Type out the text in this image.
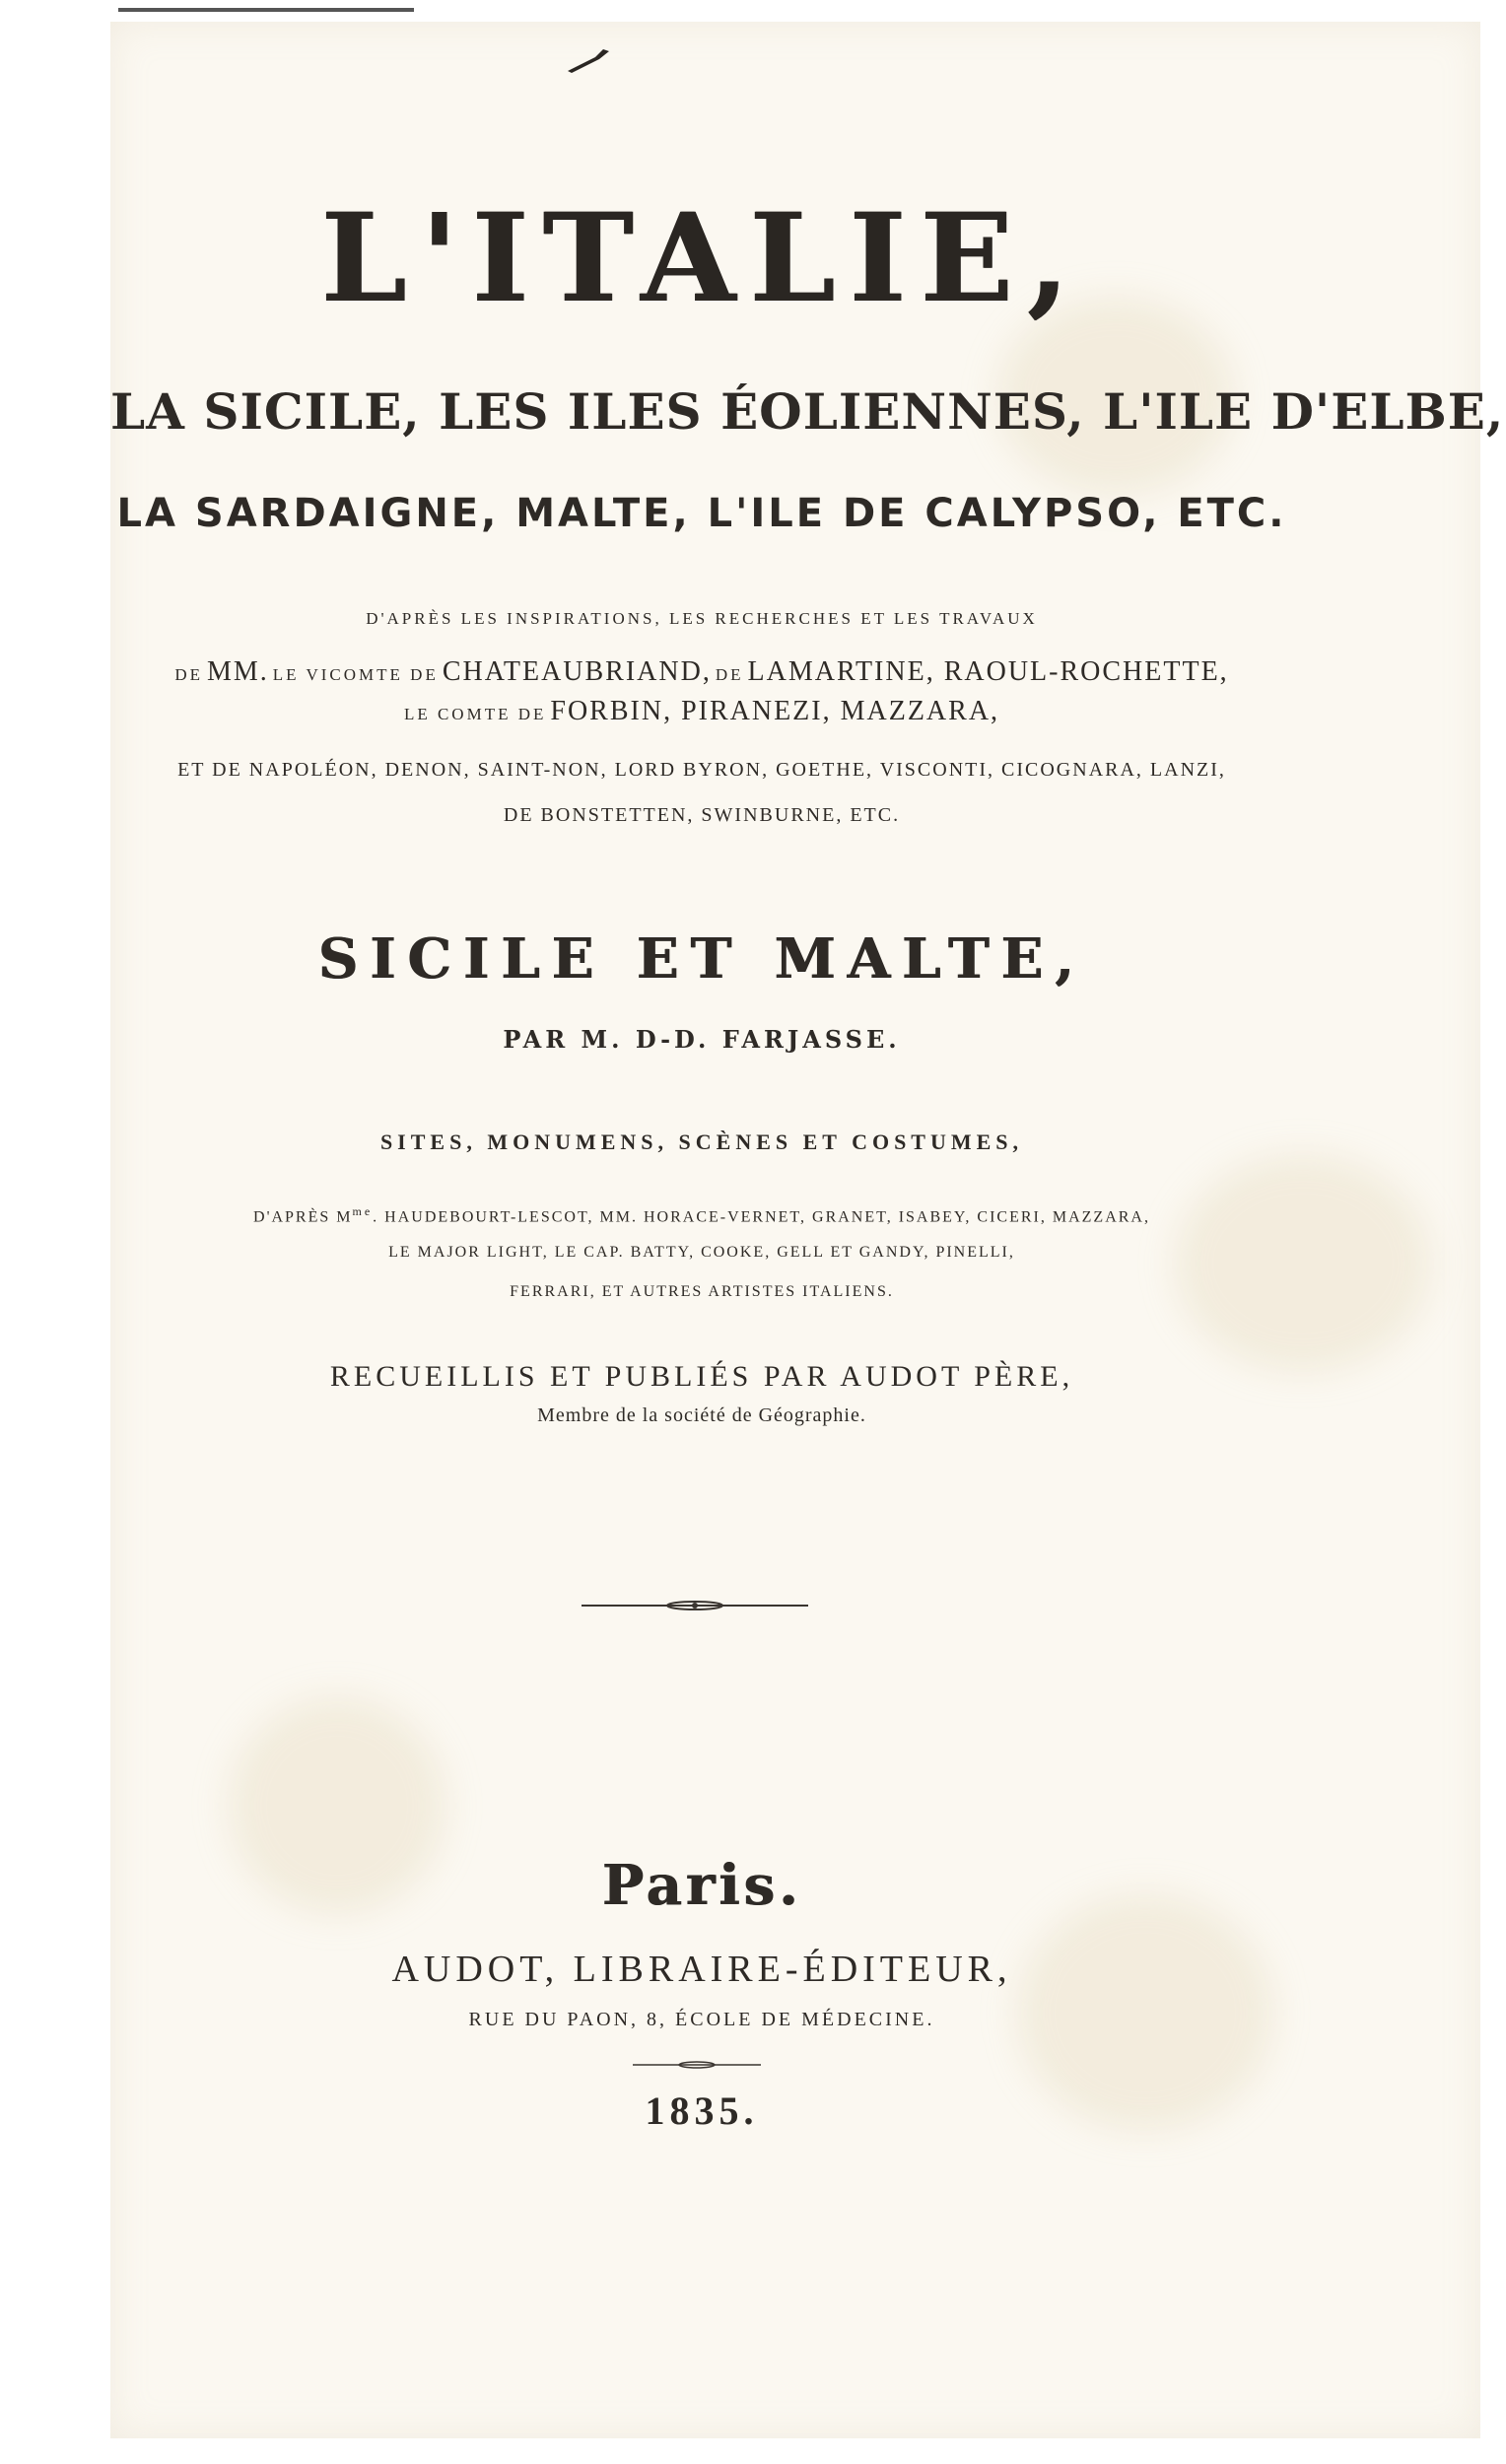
L'ITALIE,
LA SICILE, LES ILES ÉOLIENNES, L'ILE D'ELBE,
LA SARDAIGNE, MALTE, L'ILE DE CALYPSO, ETC.
D'APRÈS LES INSPIRATIONS, LES RECHERCHES ET LES TRAVAUX
DE MM. LE VICOMTE DE CHATEAUBRIAND, DE LAMARTINE, RAOUL-ROCHETTE,
LE COMTE DE FORBIN, PIRANEZI, MAZZARA,
ET DE NAPOLÉON, DENON, SAINT-NON, LORD BYRON, GOETHE, VISCONTI, CICOGNARA, LANZI,
DE BONSTETTEN, SWINBURNE, ETC.
SICILE ET MALTE,
PAR M. D-D. FARJASSE.
SITES, MONUMENS, SCÈNES ET COSTUMES,
D'APRÈS $M^{me}$. HAUDEBOURT-LESCOT, MM. HORACE-VERNET, GRANET, ISABEY, CICERI, MAZZARA,
LE MAJOR LIGHT, LE CAP. BATTY, COOKE, GELL ET GANDY, PINELLI,
FERRARI, ET AUTRES ARTISTES ITALIENS.
RECUEILLIS ET PUBLIÉS PAR AUDOT PÈRE,
Membre de la société de Géographie.
Paris.
AUDOT, LIBRAIRE-ÉDITEUR,
RUE DU PAON, 8, ÉCOLE DE MÉDECINE.
1835.
